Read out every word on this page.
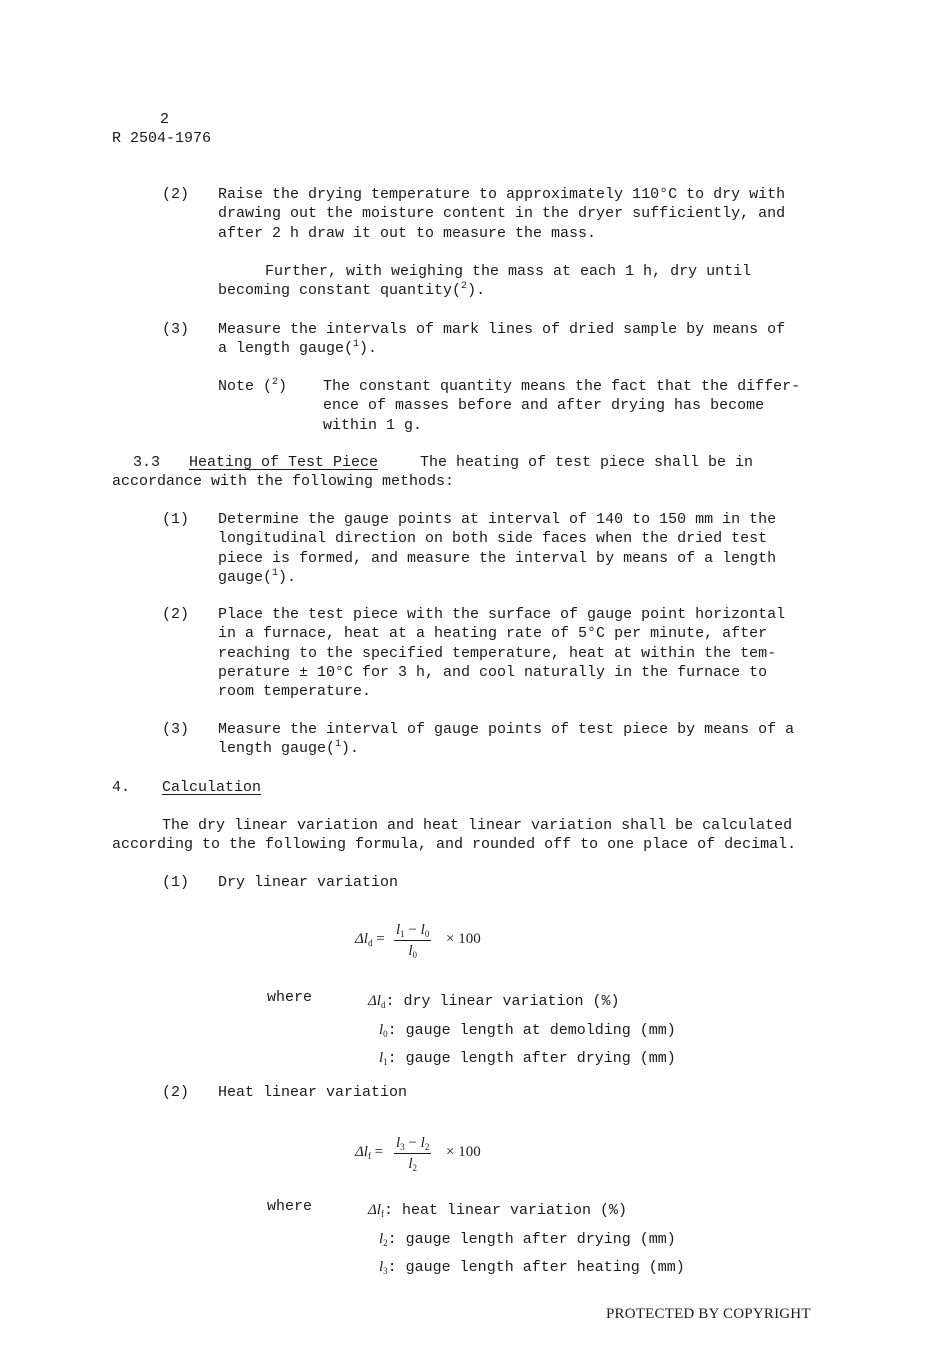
2
R 2504-1976
(2) Raise the drying temperature to approximately 110°C to dry with
drawing out the moisture content in the dryer sufficiently, and
after 2 h draw it out to measure the mass.
Further, with weighing the mass at each 1 h, dry until
becoming constant quantity($^2$).
(3) Measure the intervals of mark lines of dried sample by means of
a length gauge($^1$).
Note ($^2$) The constant quantity means the fact that the differ-
ence of masses before and after drying has become
within 1 g.
3.3 Heating of Test Piece	The heating of test piece shall be in
accordance with the following methods:
(1) Determine the gauge points at interval of 140 to 150 mm in the
longitudinal direction on both side faces when the dried test
piece is formed, and measure the interval by means of a length
gauge($^1$).
(2) Place the test piece with the surface of gauge point horizontal
in a furnace, heat at a heating rate of 5°C per minute, after
reaching to the specified temperature, heat at within the tem-
perature ± 10°C for 3 h, and cool naturally in the furnace to
room temperature.
(3) Measure the interval of gauge points of test piece by means of a
length gauge($^1$).
4. Calculation
The dry linear variation and heat linear variation shall be calculated
according to the following formula, and rounded off to one place of decimal.
(1) Dry linear variation
$\Delta l_d$ =
$l_1 - l_0$
$l_0$
× 100
where	$\Delta l_d$: dry linear variation (%)
$l_0$: gauge length at demolding (mm)
$l_1$: gauge length after drying (mm)
(2) Heat linear variation
$\Delta l_f$ =
$l_3 - l_2$
$l_2$
× 100
where	$\Delta l_f$: heat linear variation (%)
$l_2$: gauge length after drying (mm)
$l_3$: gauge length after heating (mm)
PROTECTED BY COPYRIGHT
